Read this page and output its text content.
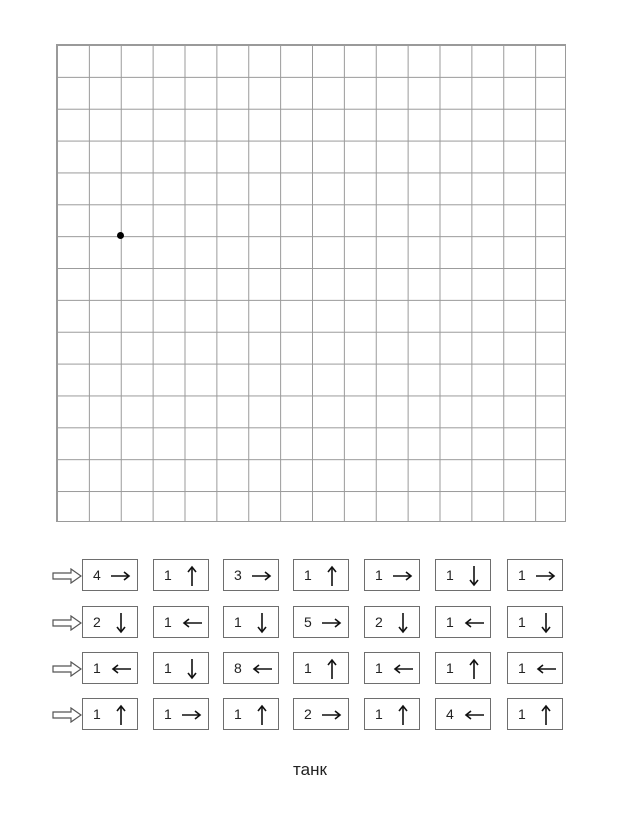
4	1	3	1	1	1	1
2	1	1	5	2	1	1
1	1	8	1	1	1	1
1	1	1	2	1	4	1
танк
